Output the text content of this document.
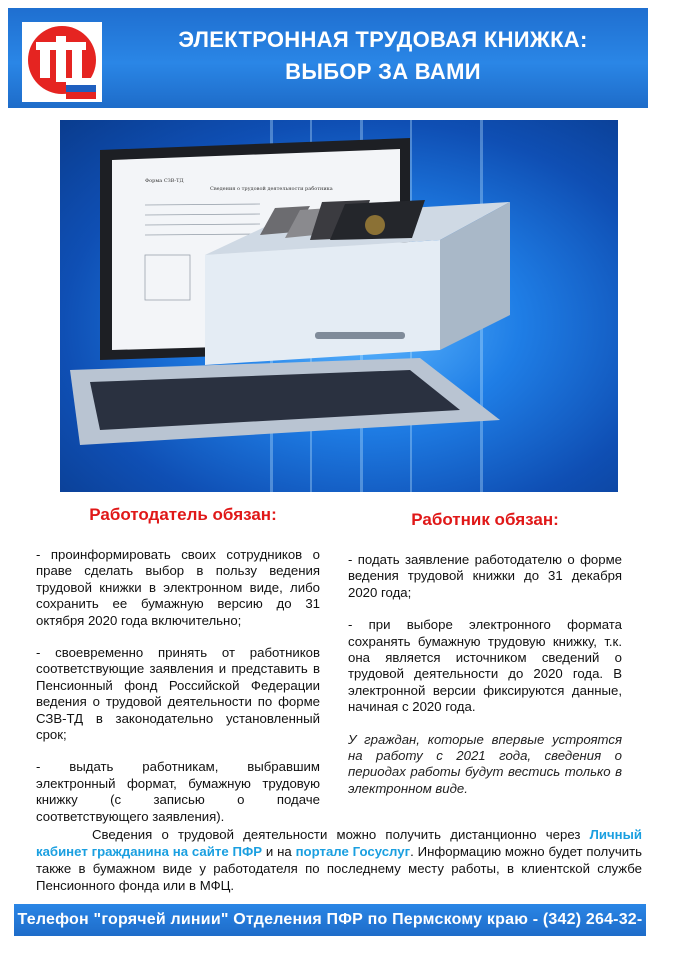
ЭЛЕКТРОННАЯ ТРУДОВАЯ КНИЖКА:
ВЫБОР ЗА ВАМИ
Форма СЗВ-ТД
Сведения о трудовой деятельности работника
Работодатель обязан:
- проинформировать своих сотрудников о праве сделать выбор в пользу ведения трудовой книжки в электронном виде, либо сохранить ее бумажную версию до 31 октября 2020 года включительно;
- своевременно принять от работников соответствующие заявления и представить в Пенсионный фонд Российской Федерации ведения о трудовой деятельности по форме СЗВ-ТД в законодательно установленный срок;
- выдать работникам, выбравшим электронный формат, бумажную трудовую книжку (с записью о подаче соответствующего заявления).
Работник обязан:
- подать заявление работодателю о форме ведения трудовой книжки до 31 декабря 2020 года;
- при выборе электронного формата сохранять бумажную трудовую книжку, т.к. она является источником сведений о трудовой деятельности до 2020 года. В электронной версии фиксируются данные, начиная с 2020 года.
У граждан, которые впервые устроятся на работу с 2021 года, сведения о периодах работы будут вестись только в электронном виде.
Сведения о трудовой деятельности можно получить дистанционно через Личный кабинет гражданина на сайте ПФР и на портале Госуслуг. Информацию можно будет получить также в бумажном виде у работодателя по последнему месту работы, в клиентской службе Пенсионного фонда или в МФЦ.
Телефон "горячей линии" Отделения ПФР по Пермскому краю - (342) 264-32-04
